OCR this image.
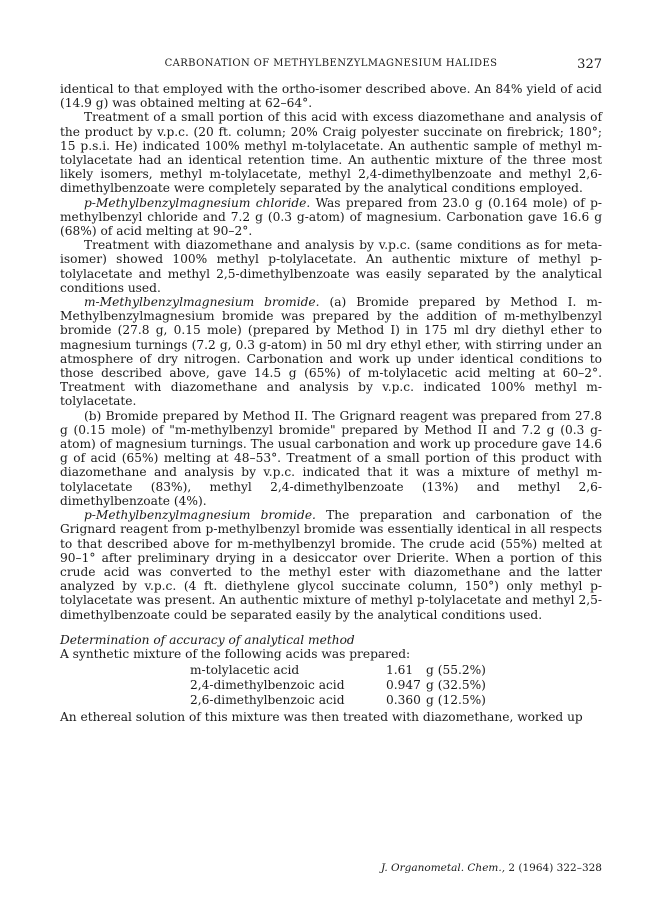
CARBONATION OF METHYLBENZYLMAGNESIUM HALIDES	327

identical to that employed with the ortho-isomer described above. An 84% yield of acid (14.9 g) was obtained melting at 62–64°.

Treatment of a small portion of this acid with excess diazomethane and analysis of the product by v.p.c. (20 ft. column; 20% Craig polyester succinate on firebrick; 180°; 15 p.s.i. He) indicated 100% methyl m-tolylacetate. An authentic sample of methyl m-tolylacetate had an identical retention time. An authentic mixture of the three most likely isomers, methyl m-tolylacetate, methyl 2,4-dimethylbenzoate and methyl 2,6-dimethylbenzoate were completely separated by the analytical conditions employed.

p-Methylbenzylmagnesium chloride. Was prepared from 23.0 g (0.164 mole) of p-methylbenzyl chloride and 7.2 g (0.3 g-atom) of magnesium. Carbonation gave 16.6 g (68%) of acid melting at 90–2°.

Treatment with diazomethane and analysis by v.p.c. (same conditions as for meta-isomer) showed 100% methyl p-tolylacetate. An authentic mixture of methyl p-tolylacetate and methyl 2,5-dimethylbenzoate was easily separated by the analytical conditions used.

m-Methylbenzylmagnesium bromide. (a) Bromide prepared by Method I. m-Methylbenzylmagnesium bromide was prepared by the addition of m-methylbenzyl bromide (27.8 g, 0.15 mole) (prepared by Method I) in 175 ml dry diethyl ether to magnesium turnings (7.2 g, 0.3 g-atom) in 50 ml dry ethyl ether, with stirring under an atmosphere of dry nitrogen. Carbonation and work up under identical conditions to those described above, gave 14.5 g (65%) of m-tolylacetic acid melting at 60–2°. Treatment with diazomethane and analysis by v.p.c. indicated 100% methyl m-tolylacetate.

(b) Bromide prepared by Method II. The Grignard reagent was prepared from 27.8 g (0.15 mole) of "m-methylbenzyl bromide" prepared by Method II and 7.2 g (0.3 g-atom) of magnesium turnings. The usual carbonation and work up procedure gave 14.6 g of acid (65%) melting at 48–53°. Treatment of a small portion of this product with diazomethane and analysis by v.p.c. indicated that it was a mixture of methyl m-tolylacetate (83%), methyl 2,4-dimethylbenzoate (13%) and methyl 2,6-dimethylbenzoate (4%).

p-Methylbenzylmagnesium bromide. The preparation and carbonation of the Grignard reagent from p-methylbenzyl bromide was essentially identical in all respects to that described above for m-methylbenzyl bromide. The crude acid (55%) melted at 90–1° after preliminary drying in a desiccator over Drierite. When a portion of this crude acid was converted to the methyl ester with diazomethane and the latter analyzed by v.p.c. (4 ft. diethylene glycol succinate column, 150°) only methyl p-tolylacetate was present. An authentic mixture of methyl p-tolylacetate and methyl 2,5-dimethylbenzoate could be separated easily by the analytical conditions used.

Determination of accuracy of analytical method

A synthetic mixture of the following acids was prepared:

m-tolylacetic acid	1.61	g (55.2%)
2,4-dimethylbenzoic acid	0.947	g (32.5%)
2,6-dimethylbenzoic acid	0.360	g (12.5%)

An ethereal solution of this mixture was then treated with diazomethane, worked up

J. Organometal. Chem., 2 (1964) 322–328
